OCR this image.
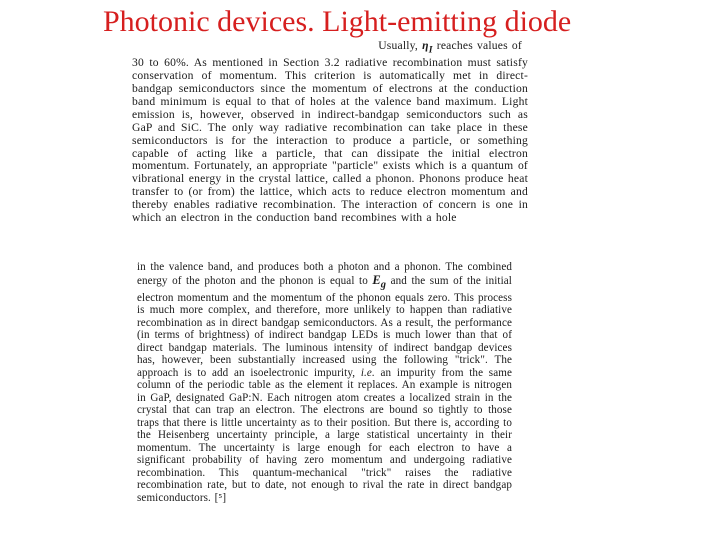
Photonic devices. Light-emitting diode

Usually, $\eta_I$ reaches values of
30 to 60%. As mentioned in Section 3.2 radiative recombination must satisfy conservation of momentum. This criterion is automatically met in direct-bandgap semiconductors since the momentum of electrons at the conduction band minimum is equal to that of holes at the valence band maximum. Light emission is, however, observed in indirect-bandgap semiconductors such as GaP and SiC. The only way radiative recombination can take place in these semiconductors is for the interaction to produce a particle, or something capable of acting like a particle, that can dissipate the initial electron momentum. Fortunately, an appropriate "particle" exists which is a quantum of vibrational energy in the crystal lattice, called a phonon. Phonons produce heat transfer to (or from) the lattice, which acts to reduce electron momentum and thereby enables radiative recombination. The interaction of concern is one in which an electron in the conduction band recombines with a hole

in the valence band, and produces both a photon and a phonon. The combined energy of the photon and the phonon is equal to $E_g$ and the sum of the initial electron momentum and the momentum of the phonon equals zero. This process is much more complex, and therefore, more unlikely to happen than radiative recombination as in direct bandgap semiconductors. As a result, the performance (in terms of brightness) of indirect bandgap LEDs is much lower than that of direct bandgap materials. The luminous intensity of indirect bandgap devices has, however, been substantially increased using the following "trick". The approach is to add an isoelectronic impurity, i.e. an impurity from the same column of the periodic table as the element it replaces. An example is nitrogen in GaP, designated GaP:N. Each nitrogen atom creates a localized strain in the crystal that can trap an electron. The electrons are bound so tightly to those traps that there is little uncertainty as to their position. But there is, according to the Heisenberg uncertainty principle, a large statistical uncertainty in their momentum. The uncertainty is large enough for each electron to have a significant probability of having zero momentum and undergoing radiative recombination. This quantum-mechanical "trick" raises the radiative recombination rate, but to date, not enough to rival the rate in direct bandgap semiconductors. [⁵]
